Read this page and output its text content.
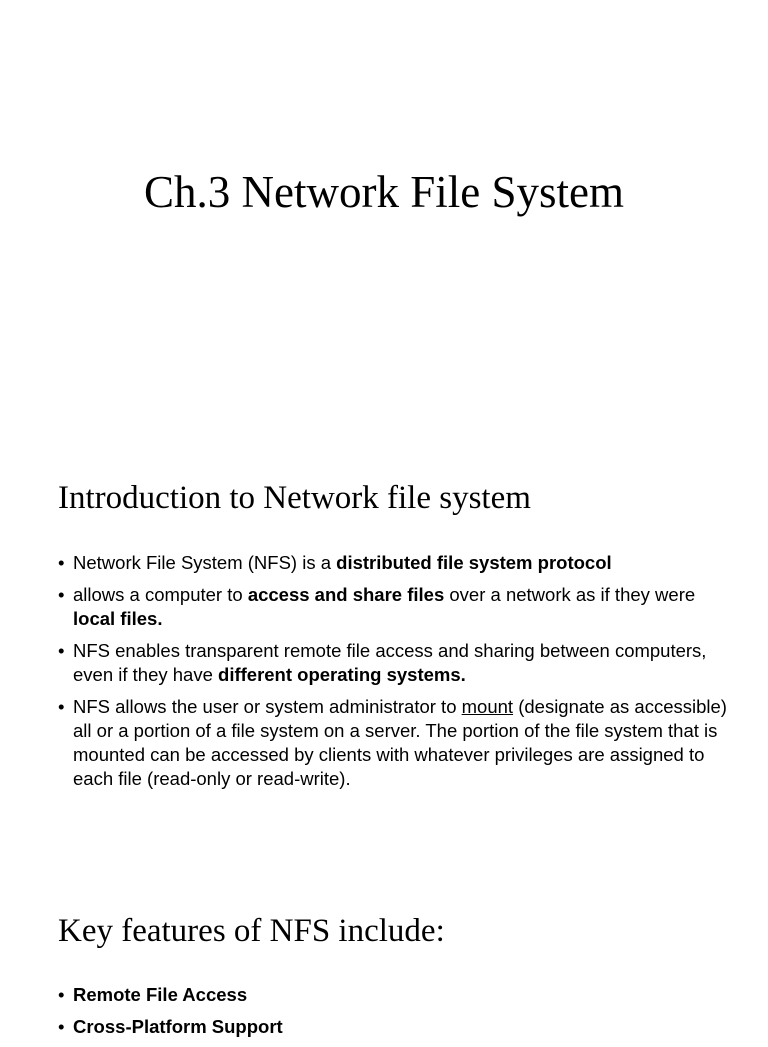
Ch.3 Network File System
Introduction to Network file system
• Network File System (NFS) is a distributed file system protocol
• allows a computer to access and share files over a network as if they were local files.
• NFS enables transparent remote file access and sharing between computers, even if they have different operating systems.
• NFS allows the user or system administrator to mount (designate as accessible) all or a portion of a file system on a server. The portion of the file system that is mounted can be accessed by clients with whatever privileges are assigned to each file (read-only or read-write).
Key features of NFS include:
• Remote File Access
• Cross-Platform Support
